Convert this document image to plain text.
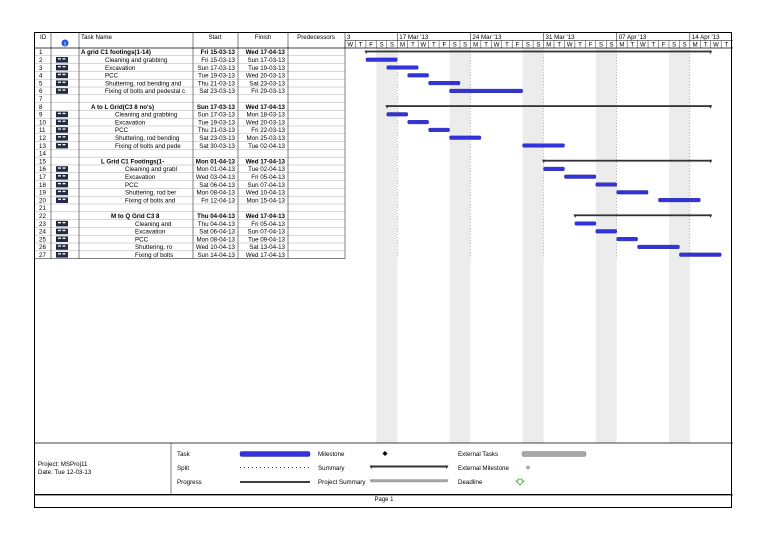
ID
i
Task Name	Start	Finish	Predecessors 3	17 Mar '13	24 Mar '13	31 Mar '13	07 Apr '13	14 Apr '13
W T F S S M T W T F S S M T W T F S S M T W T F S S M T W T F S S M T W T
1	A grid C1 footings(1-14)	Fri 15-03-13 Wed 17-04-13
2	Cleaning and grabbing	Fri 15-03-13 Sun 17-03-13
3	Excavation	Sun 17-03-13 Tue 19-03-13
4	PCC	Tue 19-03-13 Wed 20-03-13
5	Shuttering, rod bending and	Thu 21-03-13 Sat 23-03-13
6	Fixing of bolts and pedestal c Sat 23-03-13	Fri 29-03-13
7
8	A to L Grid(C3 8 no's)	Sun 17-03-13 Wed 17-04-13
9	Cleaning and grabbing	Sun 17-03-13 Mon 18-03-13
10	Excavation	Tue 19-03-13 Wed 20-03-13
11	PCC	Thu 21-03-13	Fri 22-03-13
12	Shuttering, rod bending	Sat 23-03-13 Mon 25-03-13
13	Fixing of bolts and pede	Sat 30-03-13 Tue 02-04-13
14
15	L Grid C1 Footings(1-	Mon 01-04-13 Wed 17-04-13
16	Cleaning and grabl	Mon 01-04-13 Tue 02-04-13
17	Excavation	Wed 03-04-13	Fri 05-04-13
18	PCC	Sat 06-04-13 Sun 07-04-13
19	Shuttering, rod ber	Mon 08-04-13 Wed 10-04-13
20	Fixing of bolts and	Fri 12-04-13 Mon 15-04-13
21
22	M to Q Grid C3 8	Thu 04-04-13 Wed 17-04-13
23	Cleaning and	Thu 04-04-13	Fri 05-04-13
24	Excavation	Sat 06-04-13 Sun 07-04-13
25	PCC	Mon 08-04-13 Tue 09-04-13
26	Shuttering, ro	Wed 10-04-13 Sat 13-04-13
27	Fixing of bolts	Sun 14-04-13 Wed 17-04-13
Project: MSProj11
Date: Tue 12-03-13
Task
Split
Progress
Milestone
Summary
Project Summary
External Tasks
External Milestone
Deadline
Page 1
